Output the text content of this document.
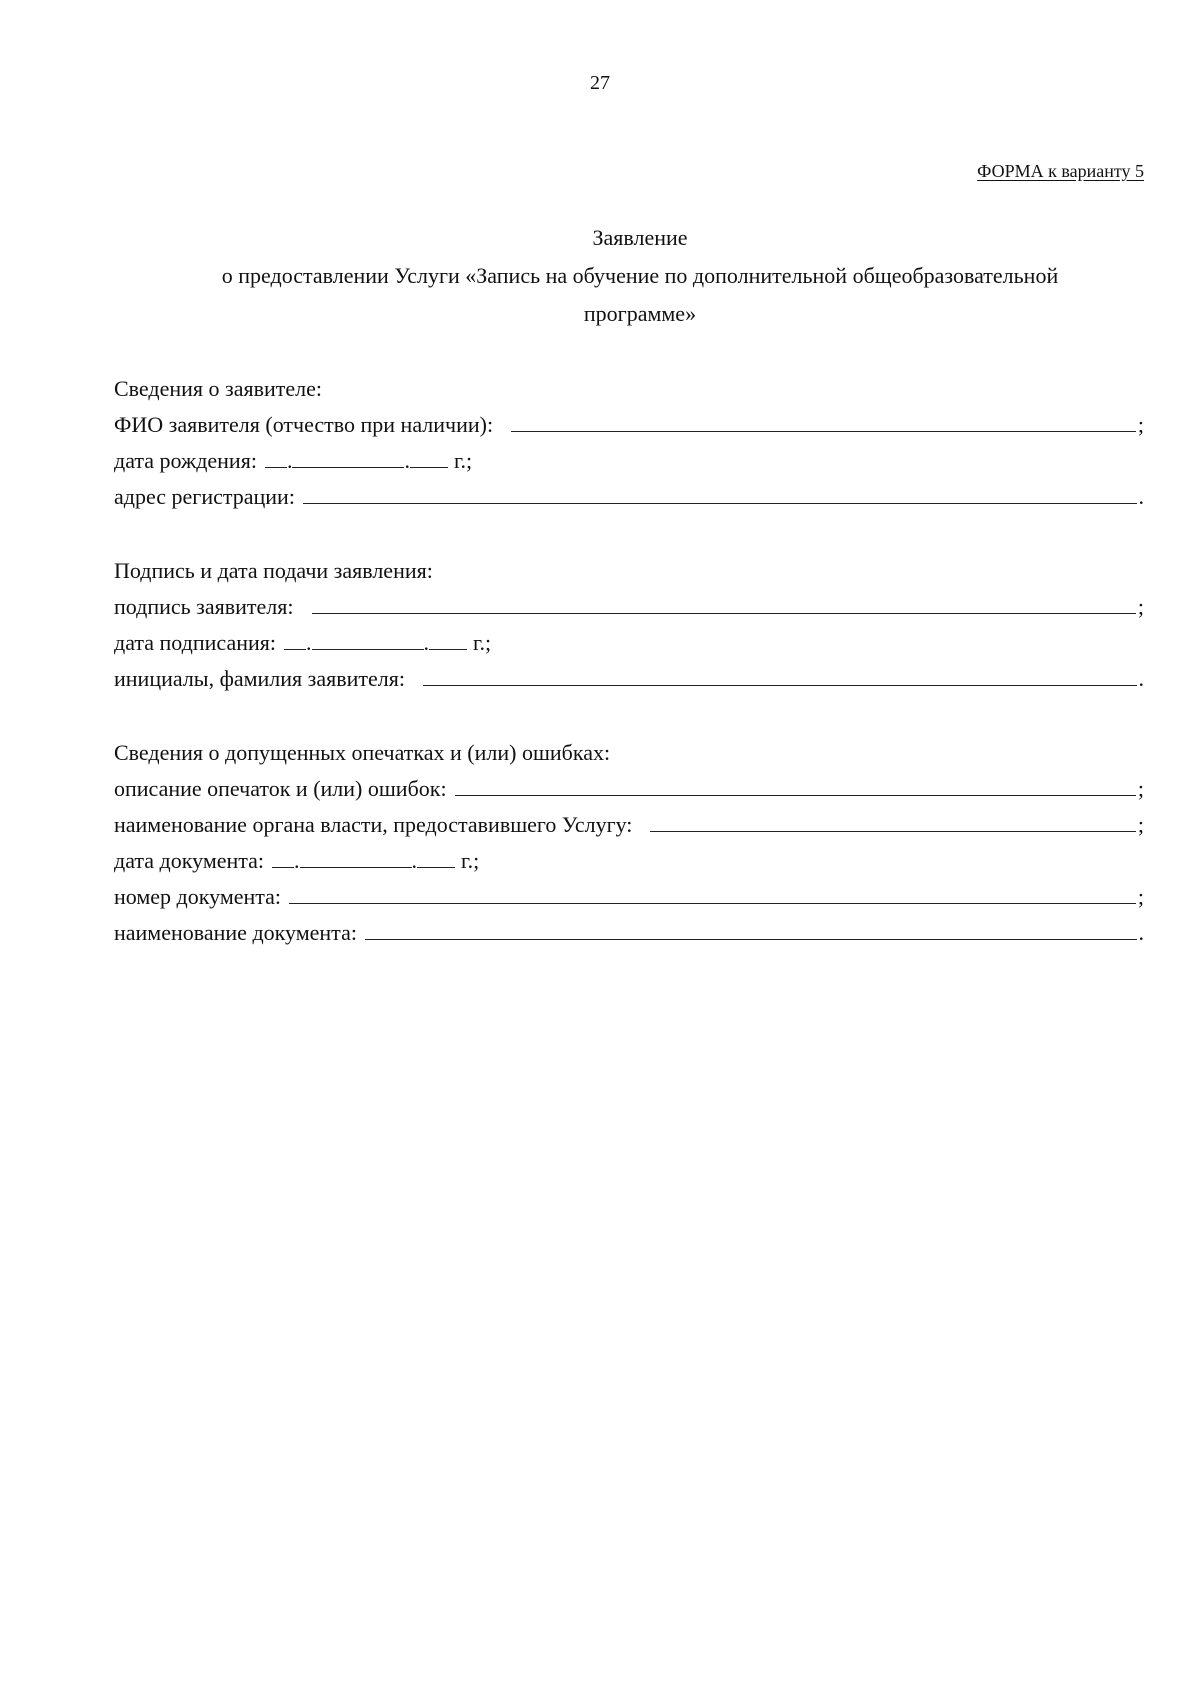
27
ФОРМА к варианту 5
Заявление
о предоставлении Услуги «Запись на обучение по дополнительной общеобразовательной
программе»
Сведения о заявителе:
ФИО заявителя (отчество при наличии):	;
дата рождения: .	. г.;
адрес регистрации:	.
Подпись и дата подачи заявления:
подпись заявителя:	;
дата подписания: .	. г.;
инициалы, фамилия заявителя:	.
Сведения о допущенных опечатках и (или) ошибках:
описание опечаток и (или) ошибок:	;
наименование органа власти, предоставившего Услугу:	;
дата документа: .	. г.;
номер документа:	;
наименование документа:	.
